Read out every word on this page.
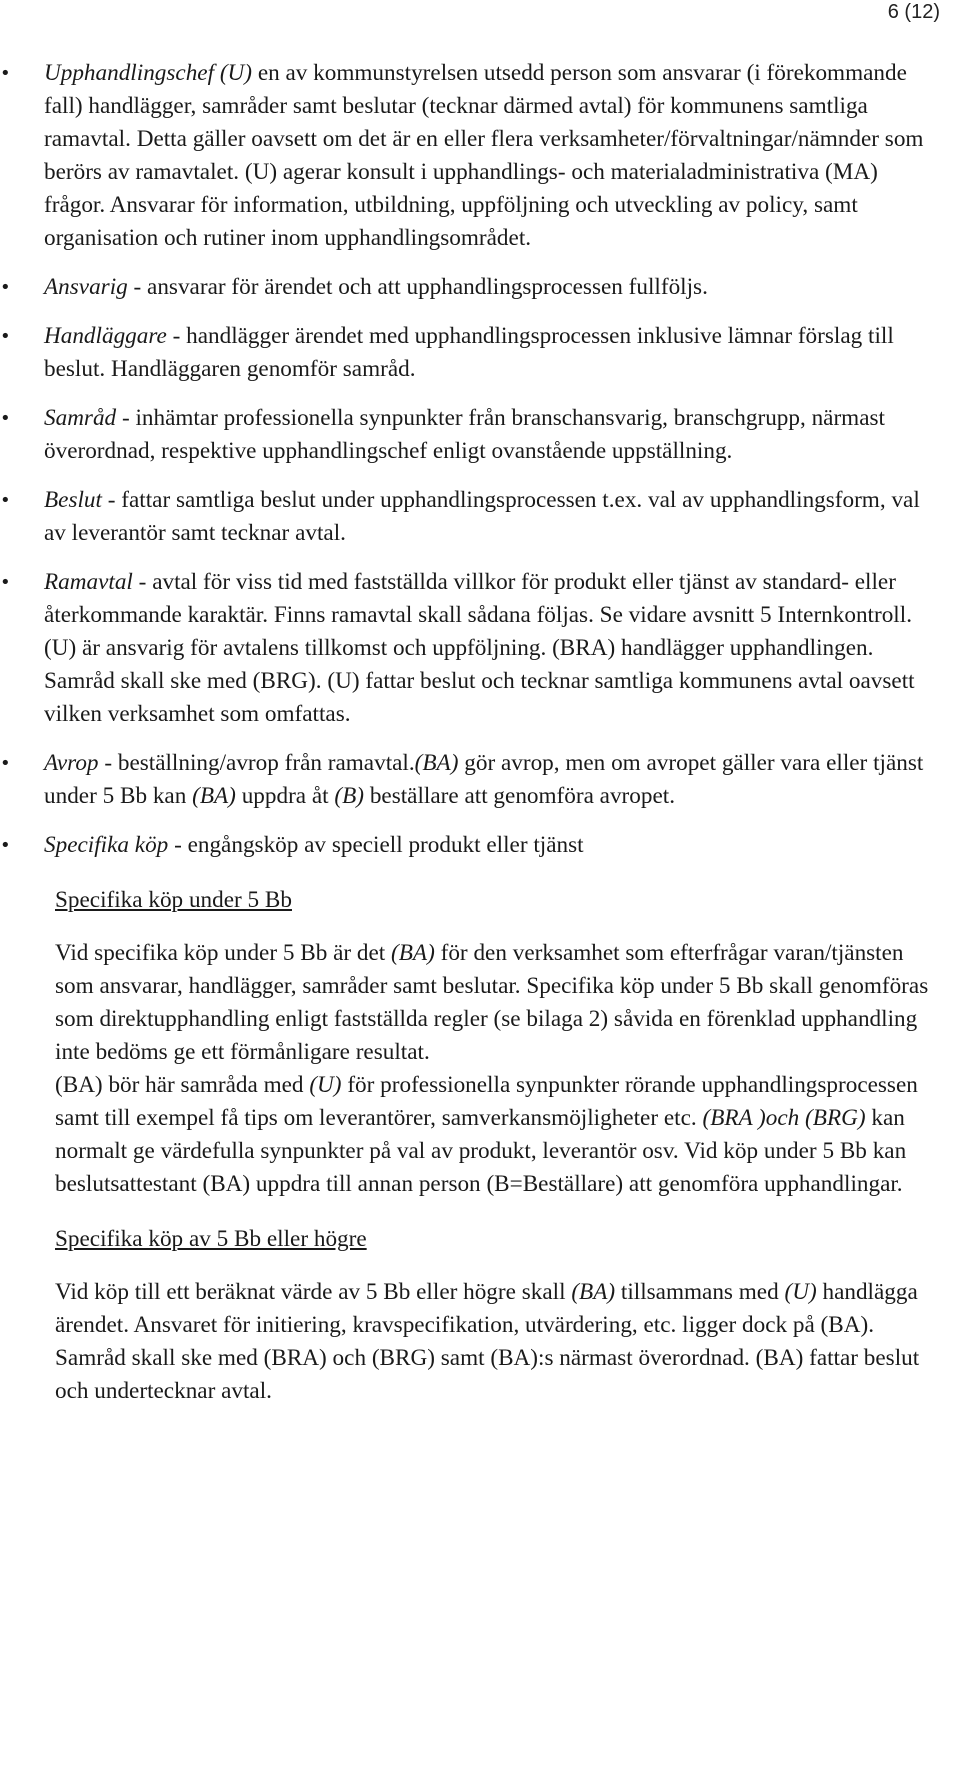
6 (12)
• Upphandlingschef (U) en av kommunstyrelsen utsedd person som ansvarar (i förekommande fall) handlägger, samråder samt beslutar (tecknar därmed avtal) för kommunens samtliga ramavtal. Detta gäller oavsett om det är en eller flera verksamheter/förvaltningar/nämnder som berörs av ramavtalet. (U) agerar konsult i upphandlings- och materialadministrativa (MA) frågor. Ansvarar för information, utbildning, uppföljning och utveckling av policy, samt organisation och rutiner inom upphandlingsområdet.

• Ansvarig - ansvarar för ärendet och att upphandlingsprocessen fullföljs.

• Handläggare - handlägger ärendet med upphandlingsprocessen inklusive lämnar förslag till beslut. Handläggaren genomför samråd.

• Samråd - inhämtar professionella synpunkter från branschansvarig, branschgrupp, närmast överordnad, respektive upphandlingschef enligt ovanstående uppställning.

• Beslut - fattar samtliga beslut under upphandlingsprocessen t.ex. val av upphandlingsform, val av leverantör samt tecknar avtal.

• Ramavtal - avtal för viss tid med fastställda villkor för produkt eller tjänst av standard- eller återkommande karaktär. Finns ramavtal skall sådana följas. Se vidare avsnitt 5 Internkontroll.

(U) är ansvarig för avtalens tillkomst och uppföljning. (BRA) handlägger upphandlingen. Samråd skall ske med (BRG). (U) fattar beslut och tecknar samtliga kommunens avtal oavsett vilken verksamhet som omfattas.

• Avrop - beställning/avrop från ramavtal.(BA) gör avrop, men om avropet gäller vara eller tjänst under 5 Bb kan (BA) uppdra åt (B) beställare att genomföra avropet.

• Specifika köp - engångsköp av speciell produkt eller tjänst

Specifika köp under 5 Bb

Vid specifika köp under 5 Bb är det (BA) för den verksamhet som efterfrågar varan/tjänsten som ansvarar, handlägger, samråder samt beslutar. Specifika köp under 5 Bb skall genomföras som direktupphandling enligt fastställda regler (se bilaga 2) såvida en förenklad upphandling inte bedöms ge ett förmånligare resultat.

(BA) bör här samråda med (U) för professionella synpunkter rörande upphandlingsprocessen samt till exempel få tips om leverantörer, samverkansmöjligheter etc. (BRA )och (BRG) kan normalt ge värdefulla synpunkter på val av produkt, leverantör osv. Vid köp under 5 Bb kan beslutsattestant (BA) uppdra till annan person (B=Beställare) att genomföra upphandlingar.

Specifika köp av 5 Bb eller högre

Vid köp till ett beräknat värde av 5 Bb eller högre skall (BA) tillsammans med (U) handlägga ärendet. Ansvaret för initiering, kravspecifikation, utvärdering, etc. ligger dock på (BA). Samråd skall ske med (BRA) och (BRG) samt (BA):s närmast överordnad. (BA) fattar beslut och undertecknar avtal.
